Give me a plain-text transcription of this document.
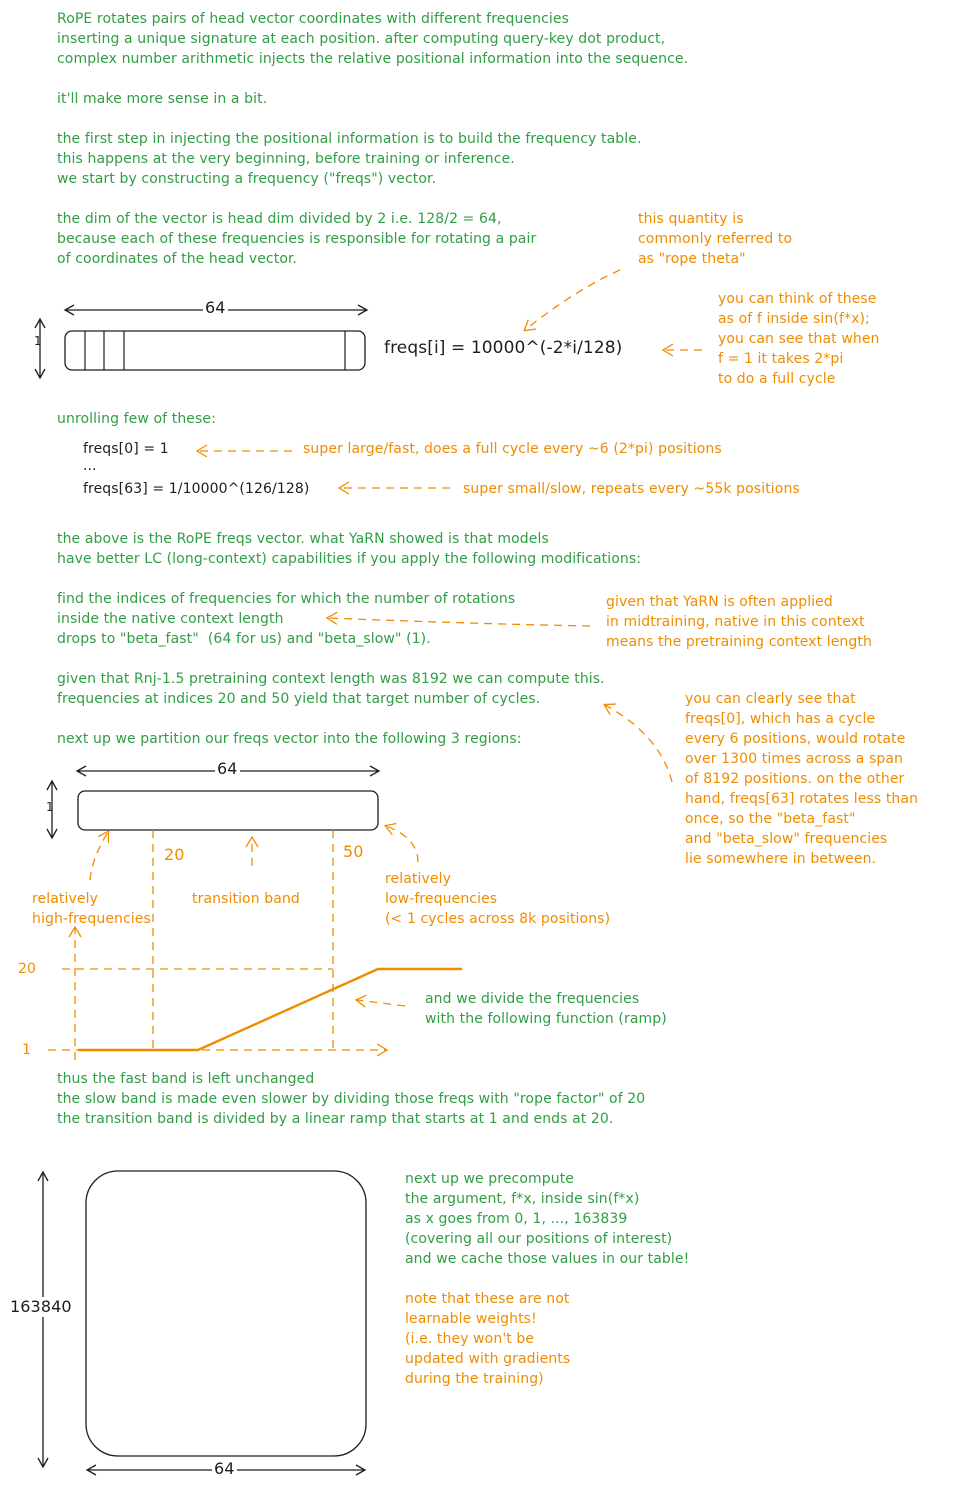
RoPE rotates pairs of head vector coordinates with different frequencies
inserting a unique signature at each position. after computing query-key dot product,
complex number arithmetic injects the relative positional information into the sequence.
it'll make more sense in a bit.
the first step in injecting the positional information is to build the frequency table.
this happens at the very beginning, before training or inference.
we start by constructing a frequency ("freqs") vector.
the dim of the vector is head dim divided by 2 i.e. 128/2 = 64,
because each of these frequencies is responsible for rotating a pair
of coordinates of the head vector.
this quantity is
commonly referred to
as "rope theta"
you can think of these
as of f inside sin(f*x);
you can see that when
f = 1 it takes 2*pi
to do a full cycle
64
1	freqs[i] = 10000^(-2*i/128)
unrolling few of these:
freqs[0] = 1
...
freqs[63] = 1/10000^(126/128)
super large/fast, does a full cycle every ~6 (2*pi) positions
super small/slow, repeats every ~55k positions
the above is the RoPE freqs vector. what YaRN showed is that models
have better LC (long-context) capabilities if you apply the following modifications:
find the indices of frequencies for which the number of rotations
inside the native context length
drops to "beta_fast"  (64 for us) and "beta_slow" (1).
given that YaRN is often applied
in midtraining, native in this context
means the pretraining context length
given that Rnj-1.5 pretraining context length was 8192 we can compute this.
frequencies at indices 20 and 50 yield that target number of cycles.	you can clearly see that
freqs[0], which has a cycle
every 6 positions, would rotate
over 1300 times across a span
of 8192 positions. on the other
hand, freqs[63] rotates less than
once, so the "beta_fast"
and "beta_slow" frequencies
lie somewhere in between.
next up we partition our freqs vector into the following 3 regions:
64
1
20	50
relatively
high-frequencies
transition band
relatively
low-frequencies
(< 1 cycles across 8k positions)
20
1
and we divide the frequencies
with the following function (ramp)
thus the fast band is left unchanged
the slow band is made even slower by dividing those freqs with "rope factor" of 20
the transition band is divided by a linear ramp that starts at 1 and ends at 20.
163840
64
next up we precompute
the argument, f*x, inside sin(f*x)
as x goes from 0, 1, ..., 163839
(covering all our positions of interest)
and we cache those values in our table!
note that these are not
learnable weights!
(i.e. they won't be
updated with gradients
during the training)
